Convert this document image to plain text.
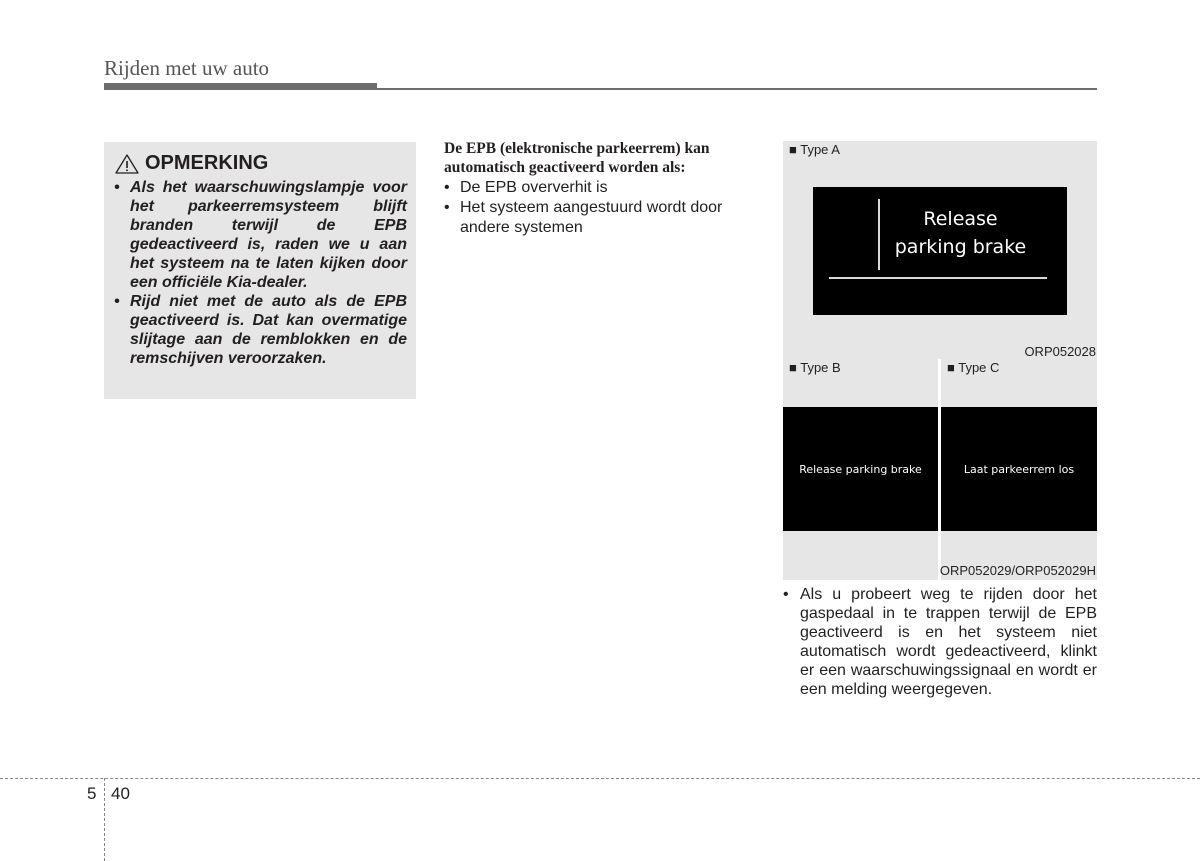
Rijden met uw auto
OPMERKING
• Als het waarschuwingslampje voor het parkeerremsysteem blijft branden terwijl de EPB gedeactiveerd is, raden we u aan het systeem na te laten kijken door een officiële Kia-dealer.
• Rijd niet met de auto als de EPB geactiveerd is. Dat kan overmatige slijtage aan de remblokken en de remschijven veroorzaken.
De EPB (elektronische parkeerrem) kan automatisch geactiveerd worden als:
• De EPB oververhit is
• Het systeem aangestuurd wordt door andere systemen
■ Type A
Release
parking brake
ORP052028
■ Type B	■ Type C
Release parking brake	Laat parkeerrem los
ORP052029/ORP052029H
• Als u probeert weg te rijden door het gaspedaal in te trappen terwijl de EPB geactiveerd is en het systeem niet automatisch wordt gedeactiveerd, klinkt er een waarschuwingssignaal en wordt er een melding weergegeven.
5 40
